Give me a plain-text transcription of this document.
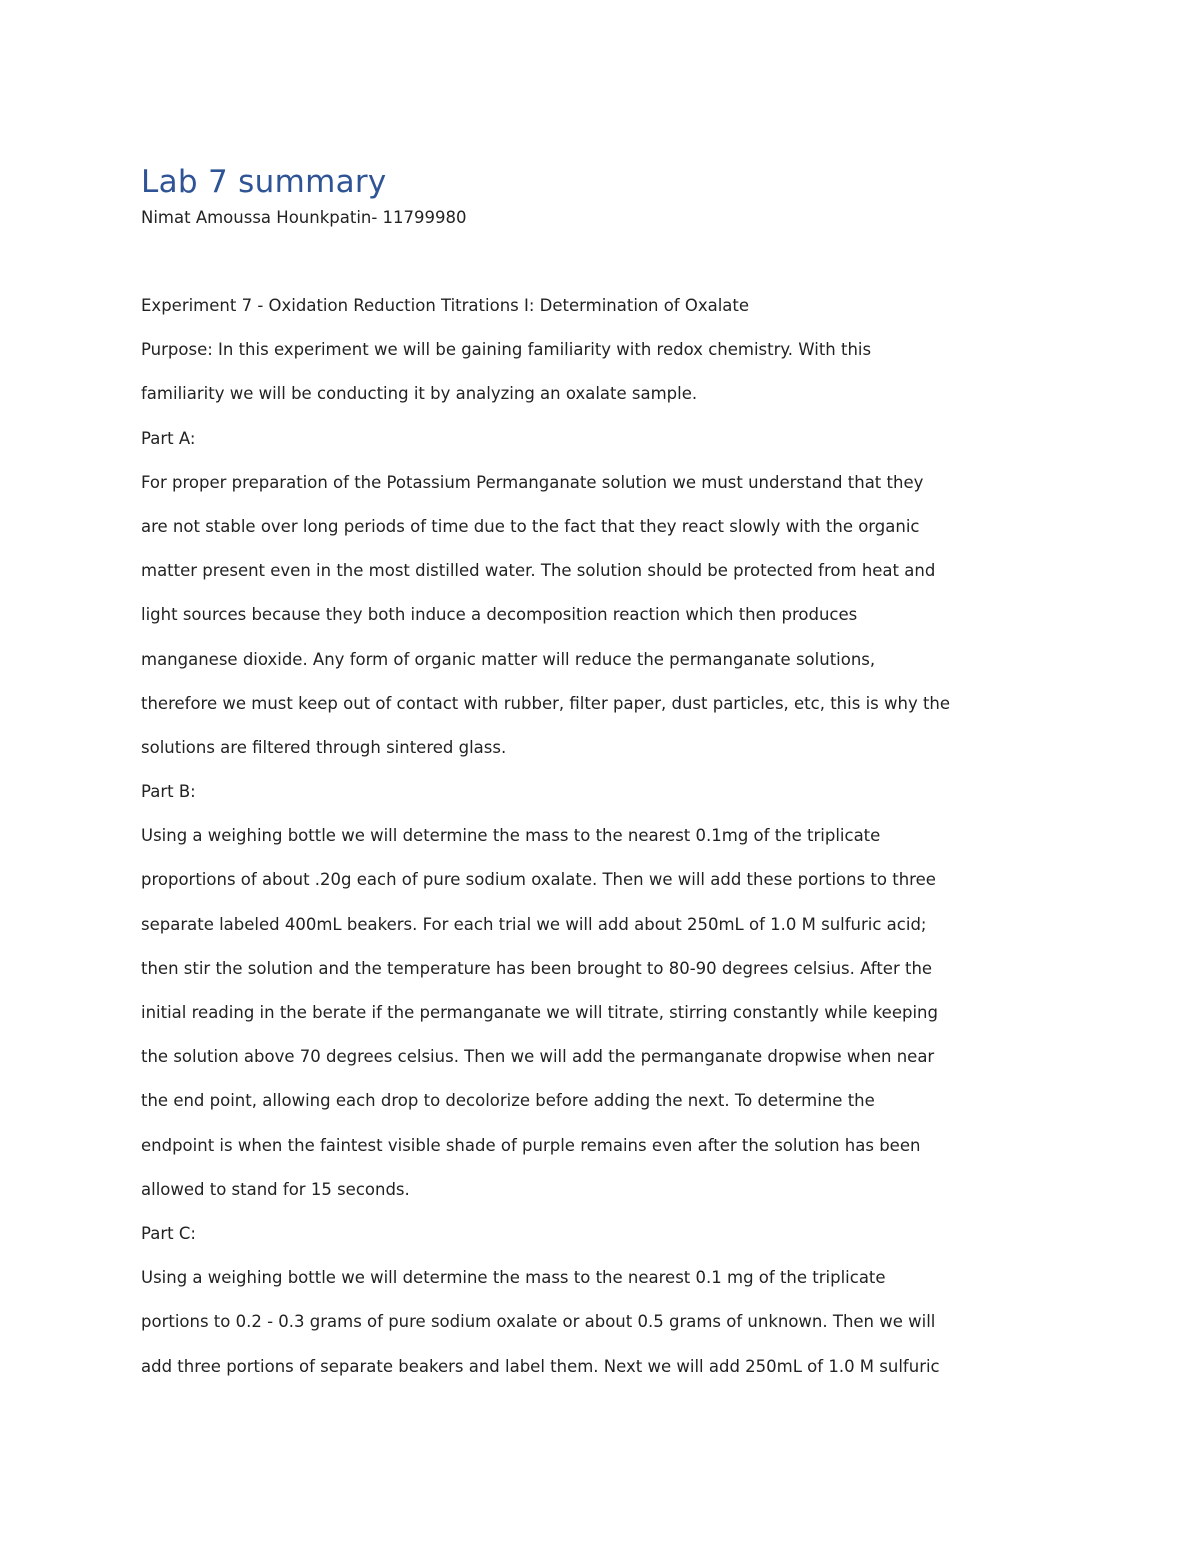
Lab 7 summary

Nimat Amoussa Hounkpatin- 11799980

Experiment 7 - Oxidation Reduction Titrations I: Determination of Oxalate
Purpose: In this experiment we will be gaining familiarity with redox chemistry. With this
familiarity we will be conducting it by analyzing an oxalate sample.
Part A:
For proper preparation of the Potassium Permanganate solution we must understand that they
are not stable over long periods of time due to the fact that they react slowly with the organic
matter present even in the most distilled water. The solution should be protected from heat and
light sources because they both induce a decomposition reaction which then produces
manganese dioxide. Any form of organic matter will reduce the permanganate solutions,
therefore we must keep out of contact with rubber, filter paper, dust particles, etc, this is why the
solutions are filtered through sintered glass.
Part B:
Using a weighing bottle we will determine the mass to the nearest 0.1mg of the triplicate
proportions of about .20g each of pure sodium oxalate. Then we will add these portions to three
separate labeled 400mL beakers. For each trial we will add about 250mL of 1.0 M sulfuric acid;
then stir the solution and the temperature has been brought to 80-90 degrees celsius. After the
initial reading in the berate if the permanganate we will titrate, stirring constantly while keeping
the solution above 70 degrees celsius. Then we will add the permanganate dropwise when near
the end point, allowing each drop to decolorize before adding the next. To determine the
endpoint is when the faintest visible shade of purple remains even after the solution has been
allowed to stand for 15 seconds.
Part C:
Using a weighing bottle we will determine the mass to the nearest 0.1 mg of the triplicate
portions to 0.2 - 0.3 grams of pure sodium oxalate or about 0.5 grams of unknown. Then we will
add three portions of separate beakers and label them. Next we will add 250mL of 1.0 M sulfuric
